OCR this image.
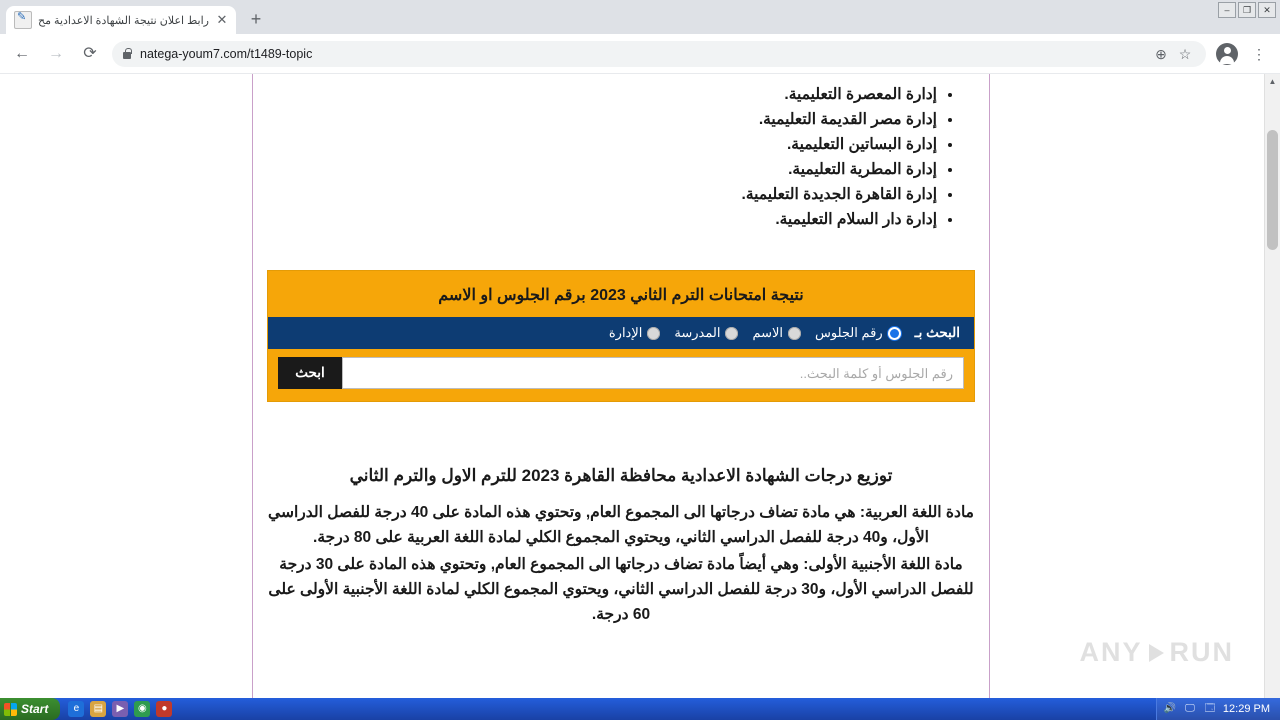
✎
رابط اعلان نتيجة الشهادة الاعدادية مح ✕	+	–	❐	✕
← →	⟳	natega-youm7.com/t1489-topic	⊕ ☆	⋮
• إدارة المعصرة التعليمية.
• إدارة مصر القديمة التعليمية.
• إدارة البساتين التعليمية.
• إدارة المطرية التعليمية.
• إدارة القاهرة الجديدة التعليمية.
• إدارة دار السلام التعليمية.
نتيجة امتحانات الترم الثاني 2023 برقم الجلوس او الاسم
البحث بـ
رقم الجلوس
الاسم
المدرسة
الإدارة
رقم الجلوس أو كلمة البحث..
ابحث
توزيع درجات الشهادة الاعدادية محافظة القاهرة 2023 للترم الاول والترم الثاني

مادة اللغة العربية: هي مادة تضاف درجاتها الى المجموع العام, وتحتوي هذه المادة على 40 درجة للفصل الدراسي الأول، و40 درجة للفصل الدراسي الثاني، ويحتوي المجموع الكلي لمادة اللغة العربية على 80 درجة.

مادة اللغة الأجنبية الأولى: وهي أيضاً مادة تضاف درجاتها الى المجموع العام, وتحتوي هذه المادة على 30 درجة للفصل الدراسي الأول، و30 درجة للفصل الدراسي الثاني، ويحتوي المجموع الكلي لمادة اللغة الأجنبية الأولى على 60 درجة.

ANY RUN
▲
Start	e	▤	▶	◉	●	🔊 🖵 🗔 12:29 PM
